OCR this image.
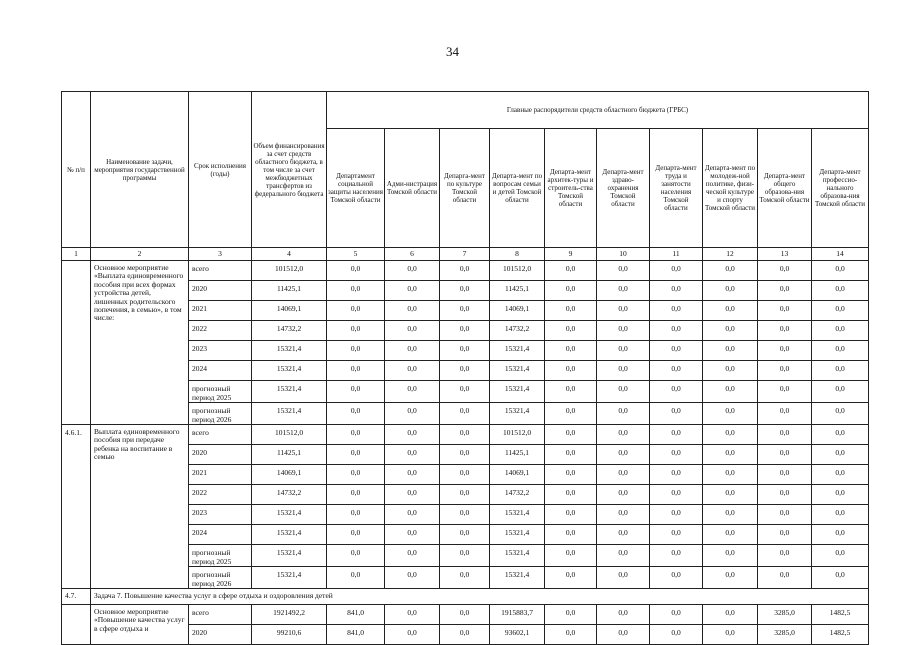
34
№ п/п	Наименование задачи, мероприятия государственной программы	Срок исполнения (годы)	Объем финансирования за счет средств областного бюджета, в том числе за счет межбюджетных трансфертов из федерального бюджета	Главные распорядители средств областного бюджета (ГРБС)									
				Департамент социальной защиты населения Томской области	Адми-нистрация Томской области	Депарга-мент по культуре Томской области	Департа-мент по вопросам семьи и детей Томской области	Департа-мент архитек-туры и строитель-ства Томской области	Департа-мент здраво-охранения Томской области	Департа-мент труда и занятости населения Томской области	Департа-мент по молодеж-ной политике, физи-ческой культуре и спорту Томской области	Департа-мент общего образова-ния Томской области	Департа-мент профессио-нального образова-ния Томской области
1	2	3	4	5	6	7	8	9	10	11	12	13	14
	Основное мероприятие «Выплата единовременного пособия при всех формах устройства детей, лишенных родительского попечения, в семью», в том числе:	всего	101512,0	0,0	0,0	0,0	101512,0	0,0	0,0	0,0	0,0	0,0	0,0
		2020	11425,1	0,0	0,0	0,0	11425,1	0,0	0,0	0,0	0,0	0,0	0,0
		2021	14069,1	0,0	0,0	0,0	14069,1	0,0	0,0	0,0	0,0	0,0	0,0
		2022	14732,2	0,0	0,0	0,0	14732,2	0,0	0,0	0,0	0,0	0,0	0,0
		2023	15321,4	0,0	0,0	0,0	15321,4	0,0	0,0	0,0	0,0	0,0	0,0
		2024	15321,4	0,0	0,0	0,0	15321,4	0,0	0,0	0,0	0,0	0,0	0,0
		прогнозный период 2025	15321,4	0,0	0,0	0,0	15321,4	0,0	0,0	0,0	0,0	0,0	0,0
		прогнозный период 2026	15321,4	0,0	0,0	0,0	15321,4	0,0	0,0	0,0	0,0	0,0	0,0
4.6.1.	Выплата единовременного пособия при передаче ребенка на воспитание в семью	всего	101512,0	0,0	0,0	0,0	101512,0	0,0	0,0	0,0	0,0	0,0	0,0
		2020	11425,1	0,0	0,0	0,0	11425,1	0,0	0,0	0,0	0,0	0,0	0,0
		2021	14069,1	0,0	0,0	0,0	14069,1	0,0	0,0	0,0	0,0	0,0	0,0
		2022	14732,2	0,0	0,0	0,0	14732,2	0,0	0,0	0,0	0,0	0,0	0,0
		2023	15321,4	0,0	0,0	0,0	15321,4	0,0	0,0	0,0	0,0	0,0	0,0
		2024	15321,4	0,0	0,0	0,0	15321,4	0,0	0,0	0,0	0,0	0,0	0,0
		прогнозный период 2025	15321,4	0,0	0,0	0,0	15321,4	0,0	0,0	0,0	0,0	0,0	0,0
		прогнозный период 2026	15321,4	0,0	0,0	0,0	15321,4	0,0	0,0	0,0	0,0	0,0	0,0
4.7.	Задача 7. Повышение качества услуг в сфере отдыха и оздоровления детей												
	Основное мероприятие «Повышение качества услуг в сфере отдыха и	всего	1921492,2	841,0	0,0	0,0	1915883,7	0,0	0,0	0,0	0,0	3285,0	1482,5
		2020	99210,6	841,0	0,0	0,0	93602,1	0,0	0,0	0,0	0,0	3285,0	1482,5
